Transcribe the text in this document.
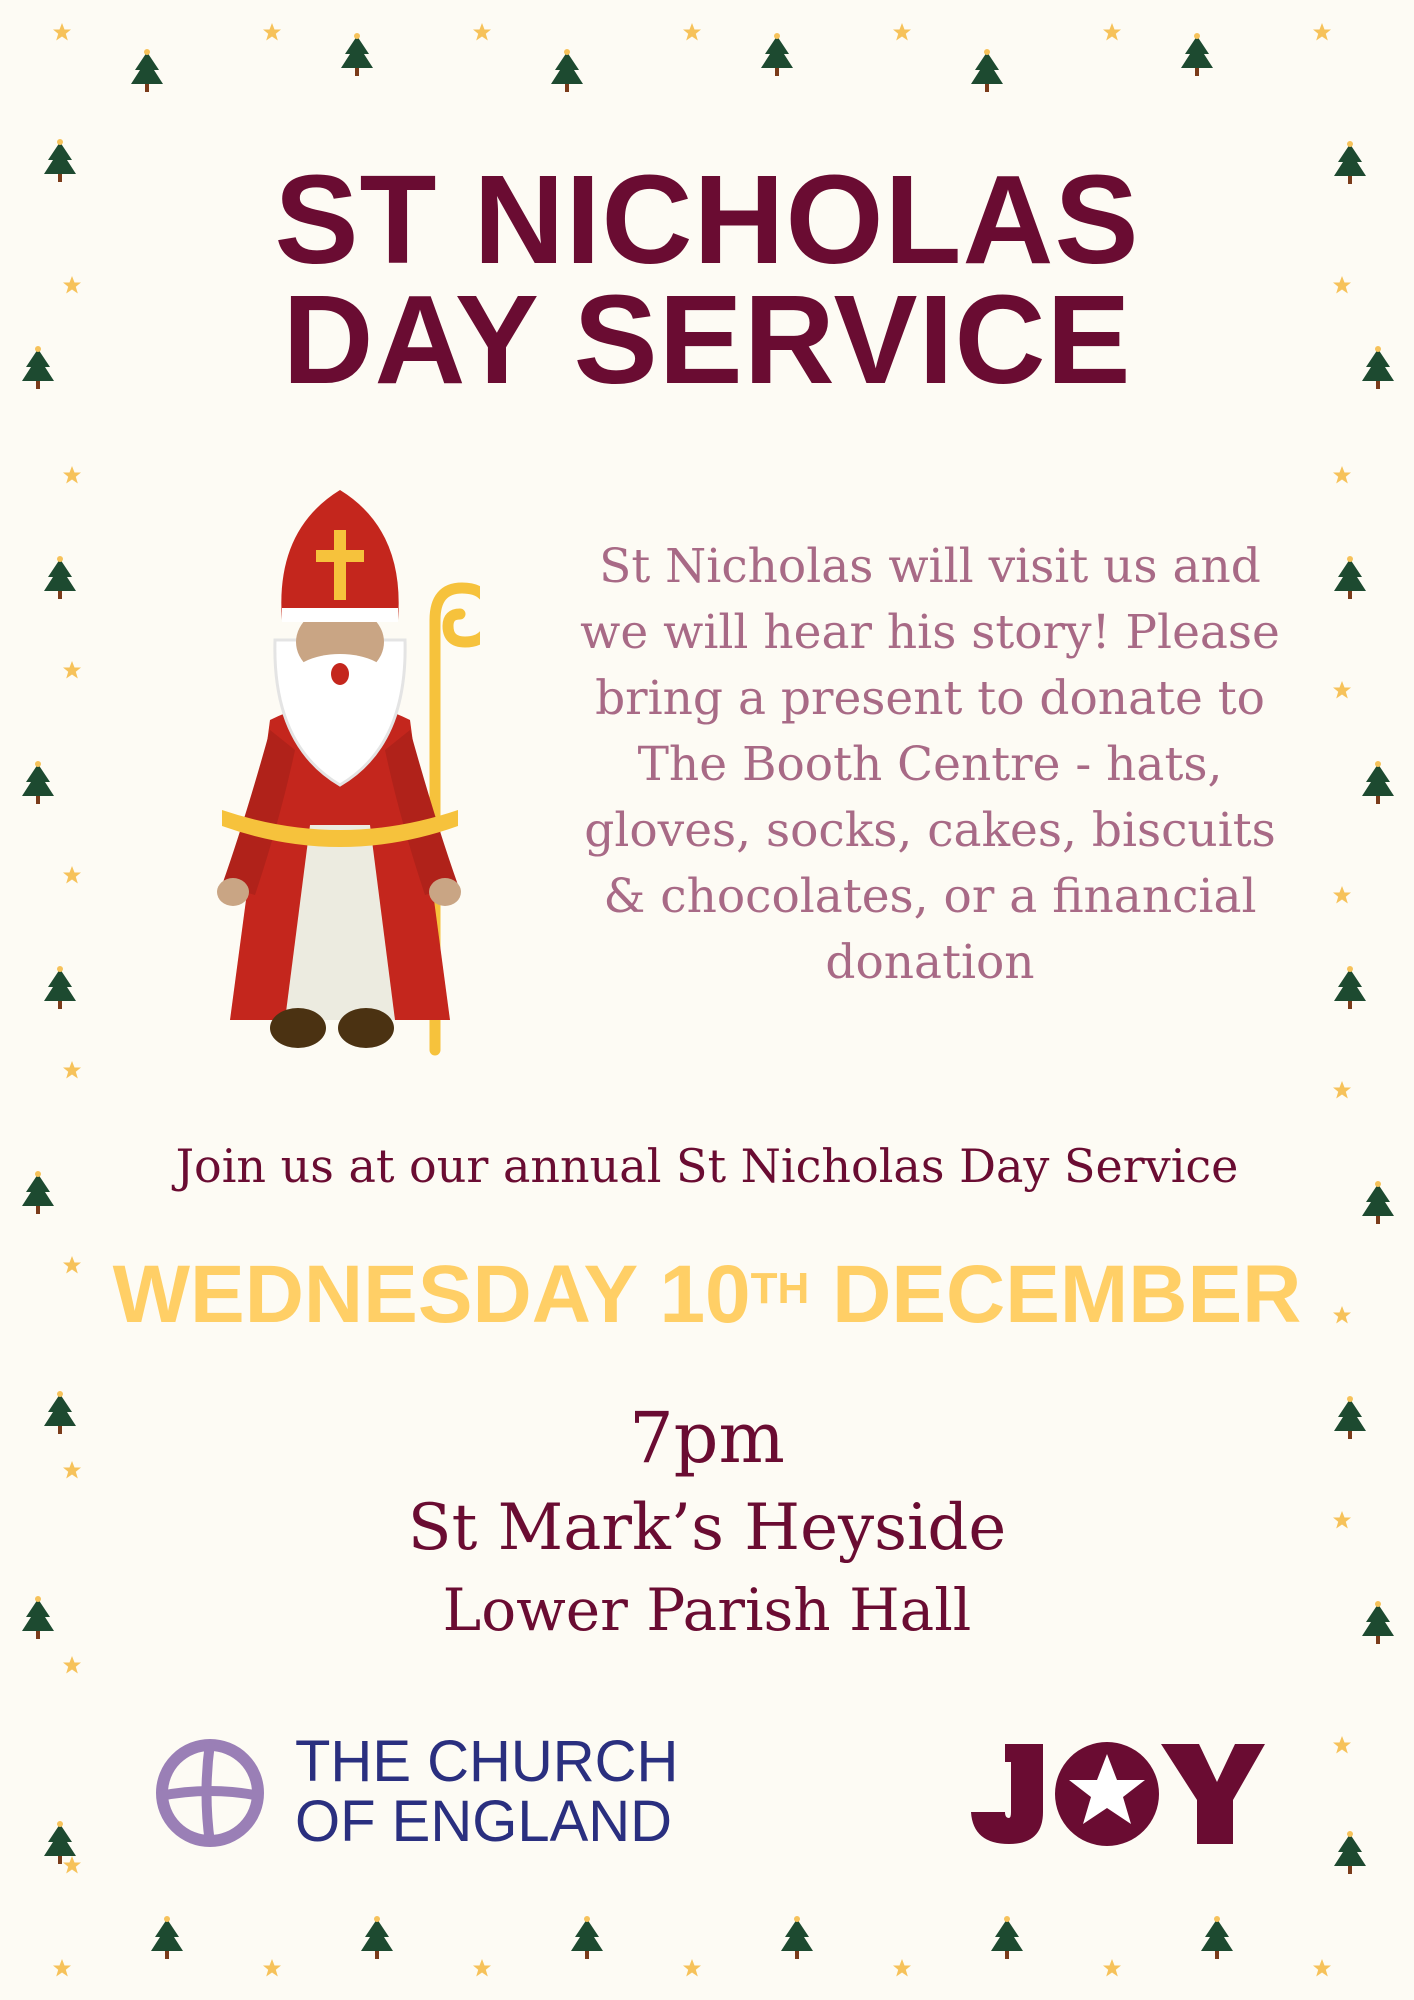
ST NICHOLAS
DAY SERVICE

St Nicholas will visit us and we will hear his story! Please bring a present to donate to The Booth Centre - hats, gloves, socks, cakes, biscuits & chocolates, or a financial donation

Join us at our annual St Nicholas Day Service

WEDNESDAY 10TH DECEMBER

7pm

St Mark’s Heyside

Lower Parish Hall

THE CHURCH
OF ENGLAND
